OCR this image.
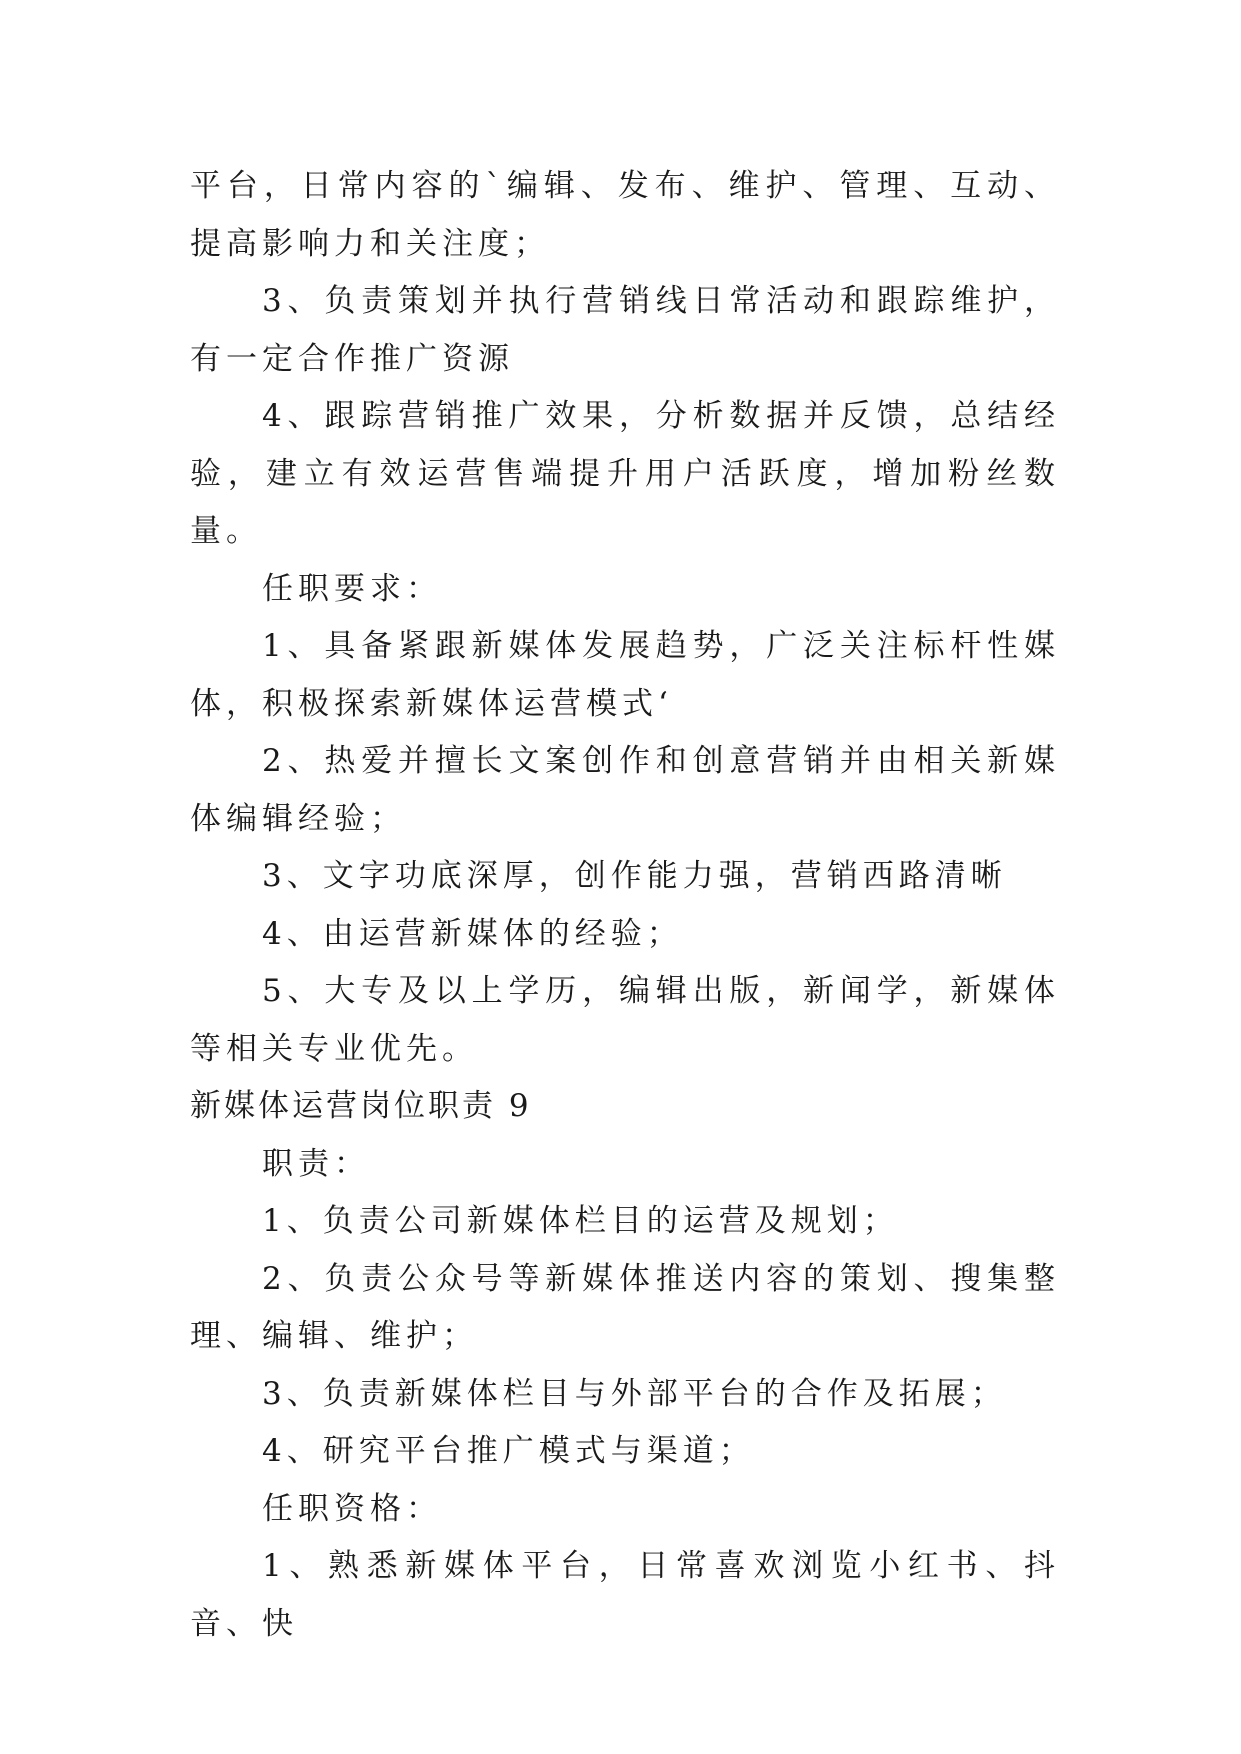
平台，日常内容的`编辑、发布、维护、管理、互动、提高影响力和关注度；

3、负责策划并执行营销线日常活动和跟踪维护，有一定合作推广资源

4、跟踪营销推广效果，分析数据并反馈，总结经验，建立有效运营售端提升用户活跃度，增加粉丝数量。

任职要求：

1、具备紧跟新媒体发展趋势，广泛关注标杆性媒体，积极探索新媒体运营模式‘

2、热爱并擅长文案创作和创意营销并由相关新媒体编辑经验；

3、文字功底深厚，创作能力强，营销西路清晰

4、由运营新媒体的经验；

5、大专及以上学历，编辑出版，新闻学，新媒体等相关专业优先。

新媒体运营岗位职责 9

职责：

1、负责公司新媒体栏目的运营及规划；

2、负责公众号等新媒体推送内容的策划、搜集整理、编辑、维护；

3、负责新媒体栏目与外部平台的合作及拓展；

4、研究平台推广模式与渠道；

任职资格：

1、熟悉新媒体平台，日常喜欢浏览小红书、抖音、快
